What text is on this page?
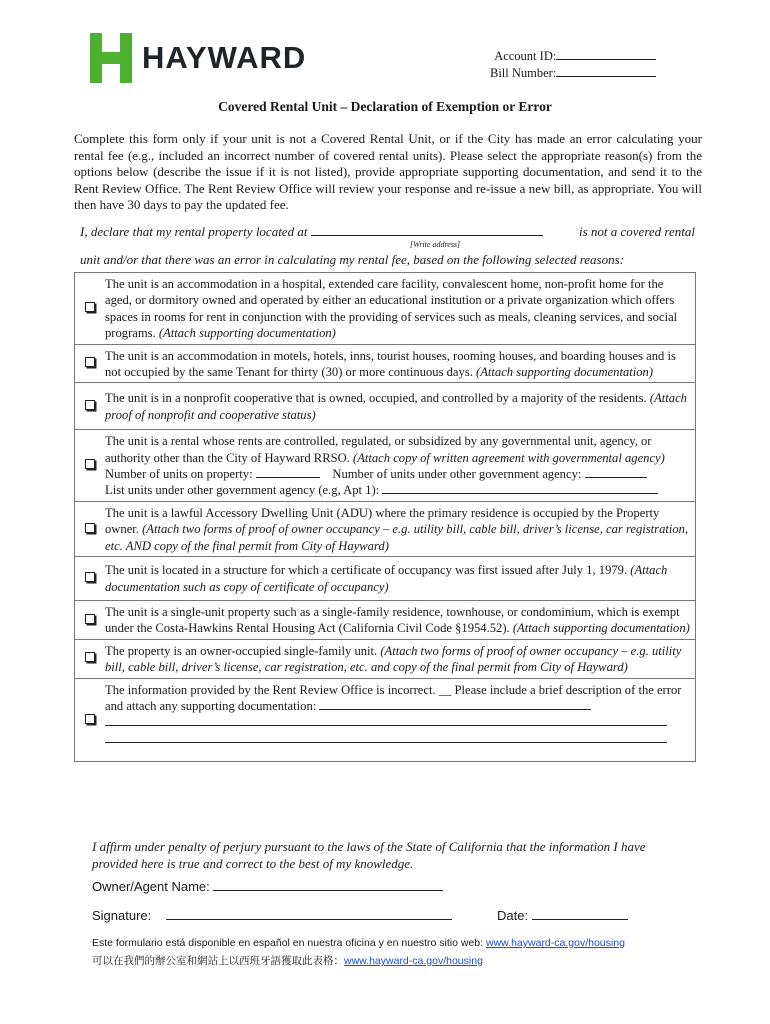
HAYWARD	Account ID:
Bill Number:
Covered Rental Unit – Declaration of Exemption or Error
Complete this form only if your unit is not a Covered Rental Unit, or if the City has made an error calculating your rental fee (e.g., included an incorrect number of covered rental units). Please select the appropriate reason(s) from the options below (describe the issue if it is not listed), provide appropriate supporting documentation, and send it to the Rent Review Office. The Rent Review Office will review your response and re-issue a new bill, as appropriate. You will then have 30 days to pay the updated fee.
I, declare that my rental property located at	is not a covered rental
[Write address]
unit and/or that there was an error in calculating my rental fee, based on the following selected reasons:
	The unit is an accommodation in a hospital, extended care facility, convalescent home, non-profit home for the aged, or dormitory owned and operated by either an educational institution or a private organization which offers spaces in rooms for rent in conjunction with the providing of services such as meals, cleaning services, and social programs. (Attach supporting documentation)
	The unit is an accommodation in motels, hotels, inns, tourist houses, rooming houses, and boarding houses and is not occupied by the same Tenant for thirty (30) or more continuous days. (Attach supporting documentation)
	The unit is in a nonprofit cooperative that is owned, occupied, and controlled by a majority of the residents. (Attach proof of nonprofit and cooperative status)
	The unit is a rental whose rents are controlled, regulated, or subsidized by any governmental unit, agency, or authority other than the City of Hayward RRSO. (Attach copy of written agreement with governmental agency)
Number of units on property: Number of units under other government agency:
List units under other government agency (e.g, Apt 1):
	The unit is a lawful Accessory Dwelling Unit (ADU) where the primary residence is occupied by the Property owner. (Attach two forms of proof of owner occupancy – e.g. utility bill, cable bill, driver’s license, car registration, etc. AND copy of the final permit from City of Hayward)
	The unit is located in a structure for which a certificate of occupancy was first issued after July 1, 1979. (Attach documentation such as copy of certificate of occupancy)
	The unit is a single-unit property such as a single-family residence, townhouse, or condominium, which is exempt under the Costa-Hawkins Rental Housing Act (California Civil Code §1954.52). (Attach supporting documentation)
	The property is an owner-occupied single-family unit. (Attach two forms of proof of owner occupancy – e.g. utility bill, cable bill, driver’s license, car registration, etc. and copy of the final permit from City of Hayward)
	The information provided by the Rent Review Office is incorrect. __ Please include a brief description of the error and attach any supporting documentation:

I affirm under penalty of perjury pursuant to the laws of the State of California that the information I have provided here is true and correct to the best of my knowledge.
Owner/Agent Name:
Signature:	Date:
Este formulario está disponible en español en nuestra oficina y en nuestro sitio web: www.hayward-ca.gov/housing
可以在我們的辦公室和網站上以西班牙語獲取此表格：www.hayward-ca.gov/housing
